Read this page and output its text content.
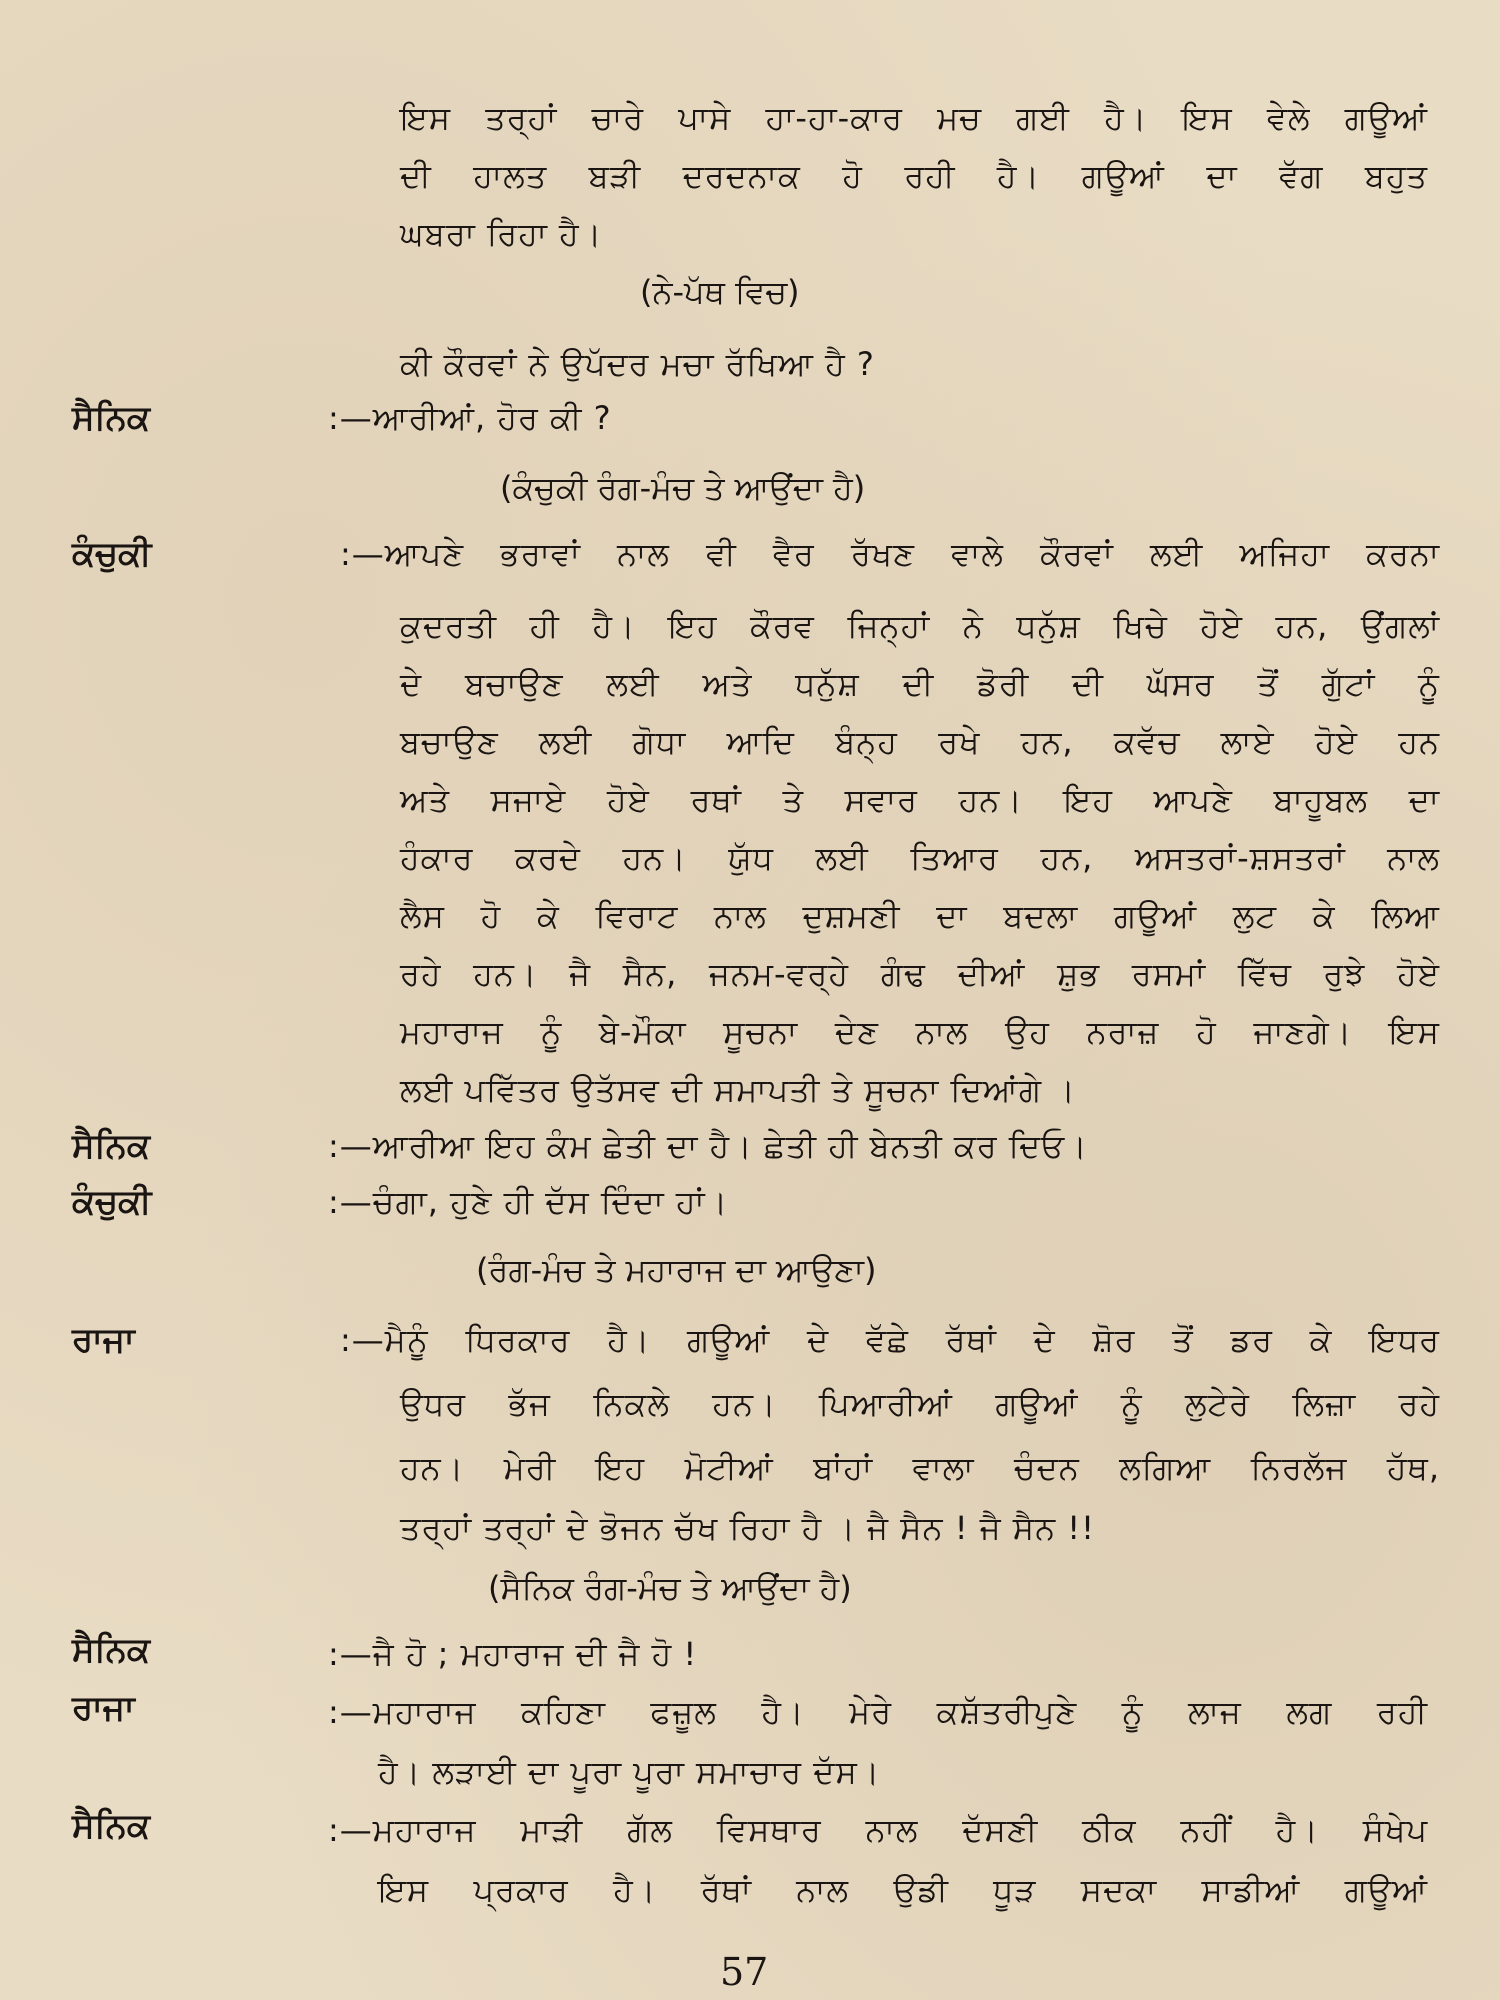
ਇਸ ਤਰ੍ਹਾਂ ਚਾਰੇ ਪਾਸੇ ਹਾ-ਹਾ-ਕਾਰ ਮਚ ਗਈ ਹੈ। ਇਸ ਵੇਲੇ ਗਊਆਂ
ਦੀ ਹਾਲਤ ਬੜੀ ਦਰਦਨਾਕ ਹੋ ਰਹੀ ਹੈ। ਗਊਆਂ ਦਾ ਵੱਗ ਬਹੁਤ
ਘਬਰਾ ਰਿਹਾ ਹੈ।
(ਨੇ-ਪੱਥ ਵਿਚ)
ਕੀ ਕੌਰਵਾਂ ਨੇ ਉਪੱਦਰ ਮਚਾ ਰੱਖਿਆ ਹੈ ?
ਸੈਨਿਕ	:—ਆਰੀਆਂ, ਹੋਰ ਕੀ ?
(ਕੰਚੁਕੀ ਰੰਗ-ਮੰਚ ਤੇ ਆਉਂਦਾ ਹੈ)
ਕੰਚੁਕੀ	:—ਆਪਣੇ ਭਰਾਵਾਂ ਨਾਲ ਵੀ ਵੈਰ ਰੱਖਣ ਵਾਲੇ ਕੌਰਵਾਂ ਲਈ ਅਜਿਹਾ ਕਰਨਾ
ਕੁਦਰਤੀ ਹੀ ਹੈ। ਇਹ ਕੌਰਵ ਜਿਨ੍ਹਾਂ ਨੇ ਧਨੁੱਸ਼ ਖਿਚੇ ਹੋਏ ਹਨ, ਉਂਗਲਾਂ
ਦੇ ਬਚਾਉਣ ਲਈ ਅਤੇ ਧਨੁੱਸ਼ ਦੀ ਡੋਰੀ ਦੀ ਘੱਸਰ ਤੋਂ ਗੁੱਟਾਂ ਨੂੰ
ਬਚਾਉਣ ਲਈ ਗੋਧਾ ਆਦਿ ਬੰਨ੍ਹ ਰਖੇ ਹਨ, ਕਵੱਚ ਲਾਏ ਹੋਏ ਹਨ
ਅਤੇ ਸਜਾਏ ਹੋਏ ਰਥਾਂ ਤੇ ਸਵਾਰ ਹਨ। ਇਹ ਆਪਣੇ ਬਾਹੂਬਲ ਦਾ
ਹੰਕਾਰ ਕਰਦੇ ਹਨ। ਯੁੱਧ ਲਈ ਤਿਆਰ ਹਨ, ਅਸਤਰਾਂ-ਸ਼ਸਤਰਾਂ ਨਾਲ
ਲੈਸ ਹੋ ਕੇ ਵਿਰਾਟ ਨਾਲ ਦੁਸ਼ਮਣੀ ਦਾ ਬਦਲਾ ਗਊਆਂ ਲੁਟ ਕੇ ਲਿਆ
ਰਹੇ ਹਨ। ਜੈ ਸੈਨ, ਜਨਮ-ਵਰ੍ਹੇ ਗੰਢ ਦੀਆਂ ਸ਼ੁਭ ਰਸਮਾਂ ਵਿੱਚ ਰੁਝੇ ਹੋਏ
ਮਹਾਰਾਜ ਨੂੰ ਬੇ-ਮੌਕਾ ਸੂਚਨਾ ਦੇਣ ਨਾਲ ਉਹ ਨਰਾਜ਼ ਹੋ ਜਾਣਗੇ। ਇਸ
ਲਈ ਪਵਿੱਤਰ ਉਤੱਸਵ ਦੀ ਸਮਾਪਤੀ ਤੇ ਸੂਚਨਾ ਦਿਆਂਗੇ ।
ਸੈਨਿਕ	:—ਆਰੀਆ ਇਹ ਕੰਮ ਛੇਤੀ ਦਾ ਹੈ। ਛੇਤੀ ਹੀ ਬੇਨਤੀ ਕਰ ਦਿਓ।
ਕੰਚੁਕੀ	:—ਚੰਗਾ, ਹੁਣੇ ਹੀ ਦੱਸ ਦਿੰਦਾ ਹਾਂ।
(ਰੰਗ-ਮੰਚ ਤੇ ਮਹਾਰਾਜ ਦਾ ਆਉਣਾ)
ਰਾਜਾ	:—ਮੈਨੂੰ ਧਿਰਕਾਰ ਹੈ। ਗਊਆਂ ਦੇ ਵੱਛੇ ਰੱਥਾਂ ਦੇ ਸ਼ੋਰ ਤੋਂ ਡਰ ਕੇ ਇਧਰ
ਉਧਰ ਭੱਜ ਨਿਕਲੇ ਹਨ। ਪਿਆਰੀਆਂ ਗਊਆਂ ਨੂੰ ਲੁਟੇਰੇ ਲਿਜ਼ਾ ਰਹੇ
ਹਨ। ਮੇਰੀ ਇਹ ਮੋਟੀਆਂ ਬਾਂਹਾਂ ਵਾਲਾ ਚੰਦਨ ਲਗਿਆ ਨਿਰਲੱਜ ਹੱਥ,
ਤਰ੍ਹਾਂ ਤਰ੍ਹਾਂ ਦੇ ਭੋਜਨ ਚੱਖ ਰਿਹਾ ਹੈ । ਜੈ ਸੈਨ ! ਜੈ ਸੈਨ !!
(ਸੈਨਿਕ ਰੰਗ-ਮੰਚ ਤੇ ਆਉਂਦਾ ਹੈ)
ਸੈਨਿਕ	:—ਜੈ ਹੋ ; ਮਹਾਰਾਜ ਦੀ ਜੈ ਹੋ !
ਰਾਜਾ	:—ਮਹਾਰਾਜ ਕਹਿਣਾ ਫਜ਼ੂਲ ਹੈ। ਮੇਰੇ ਕਸ਼ੱਤਰੀਪੁਣੇ ਨੂੰ ਲਾਜ ਲਗ ਰਹੀ
ਹੈ। ਲੜਾਈ ਦਾ ਪੂਰਾ ਪੂਰਾ ਸਮਾਚਾਰ ਦੱਸ।
ਸੈਨਿਕ	:—ਮਹਾਰਾਜ ਮਾੜੀ ਗੱਲ ਵਿਸਥਾਰ ਨਾਲ ਦੱਸਣੀ ਠੀਕ ਨਹੀਂ ਹੈ। ਸੰਖੇਪ
ਇਸ ਪ੍ਰਕਾਰ ਹੈ। ਰੱਥਾਂ ਨਾਲ ਉਡੀ ਧੂੜ ਸਦਕਾ ਸਾਡੀਆਂ ਗਊਆਂ
57
